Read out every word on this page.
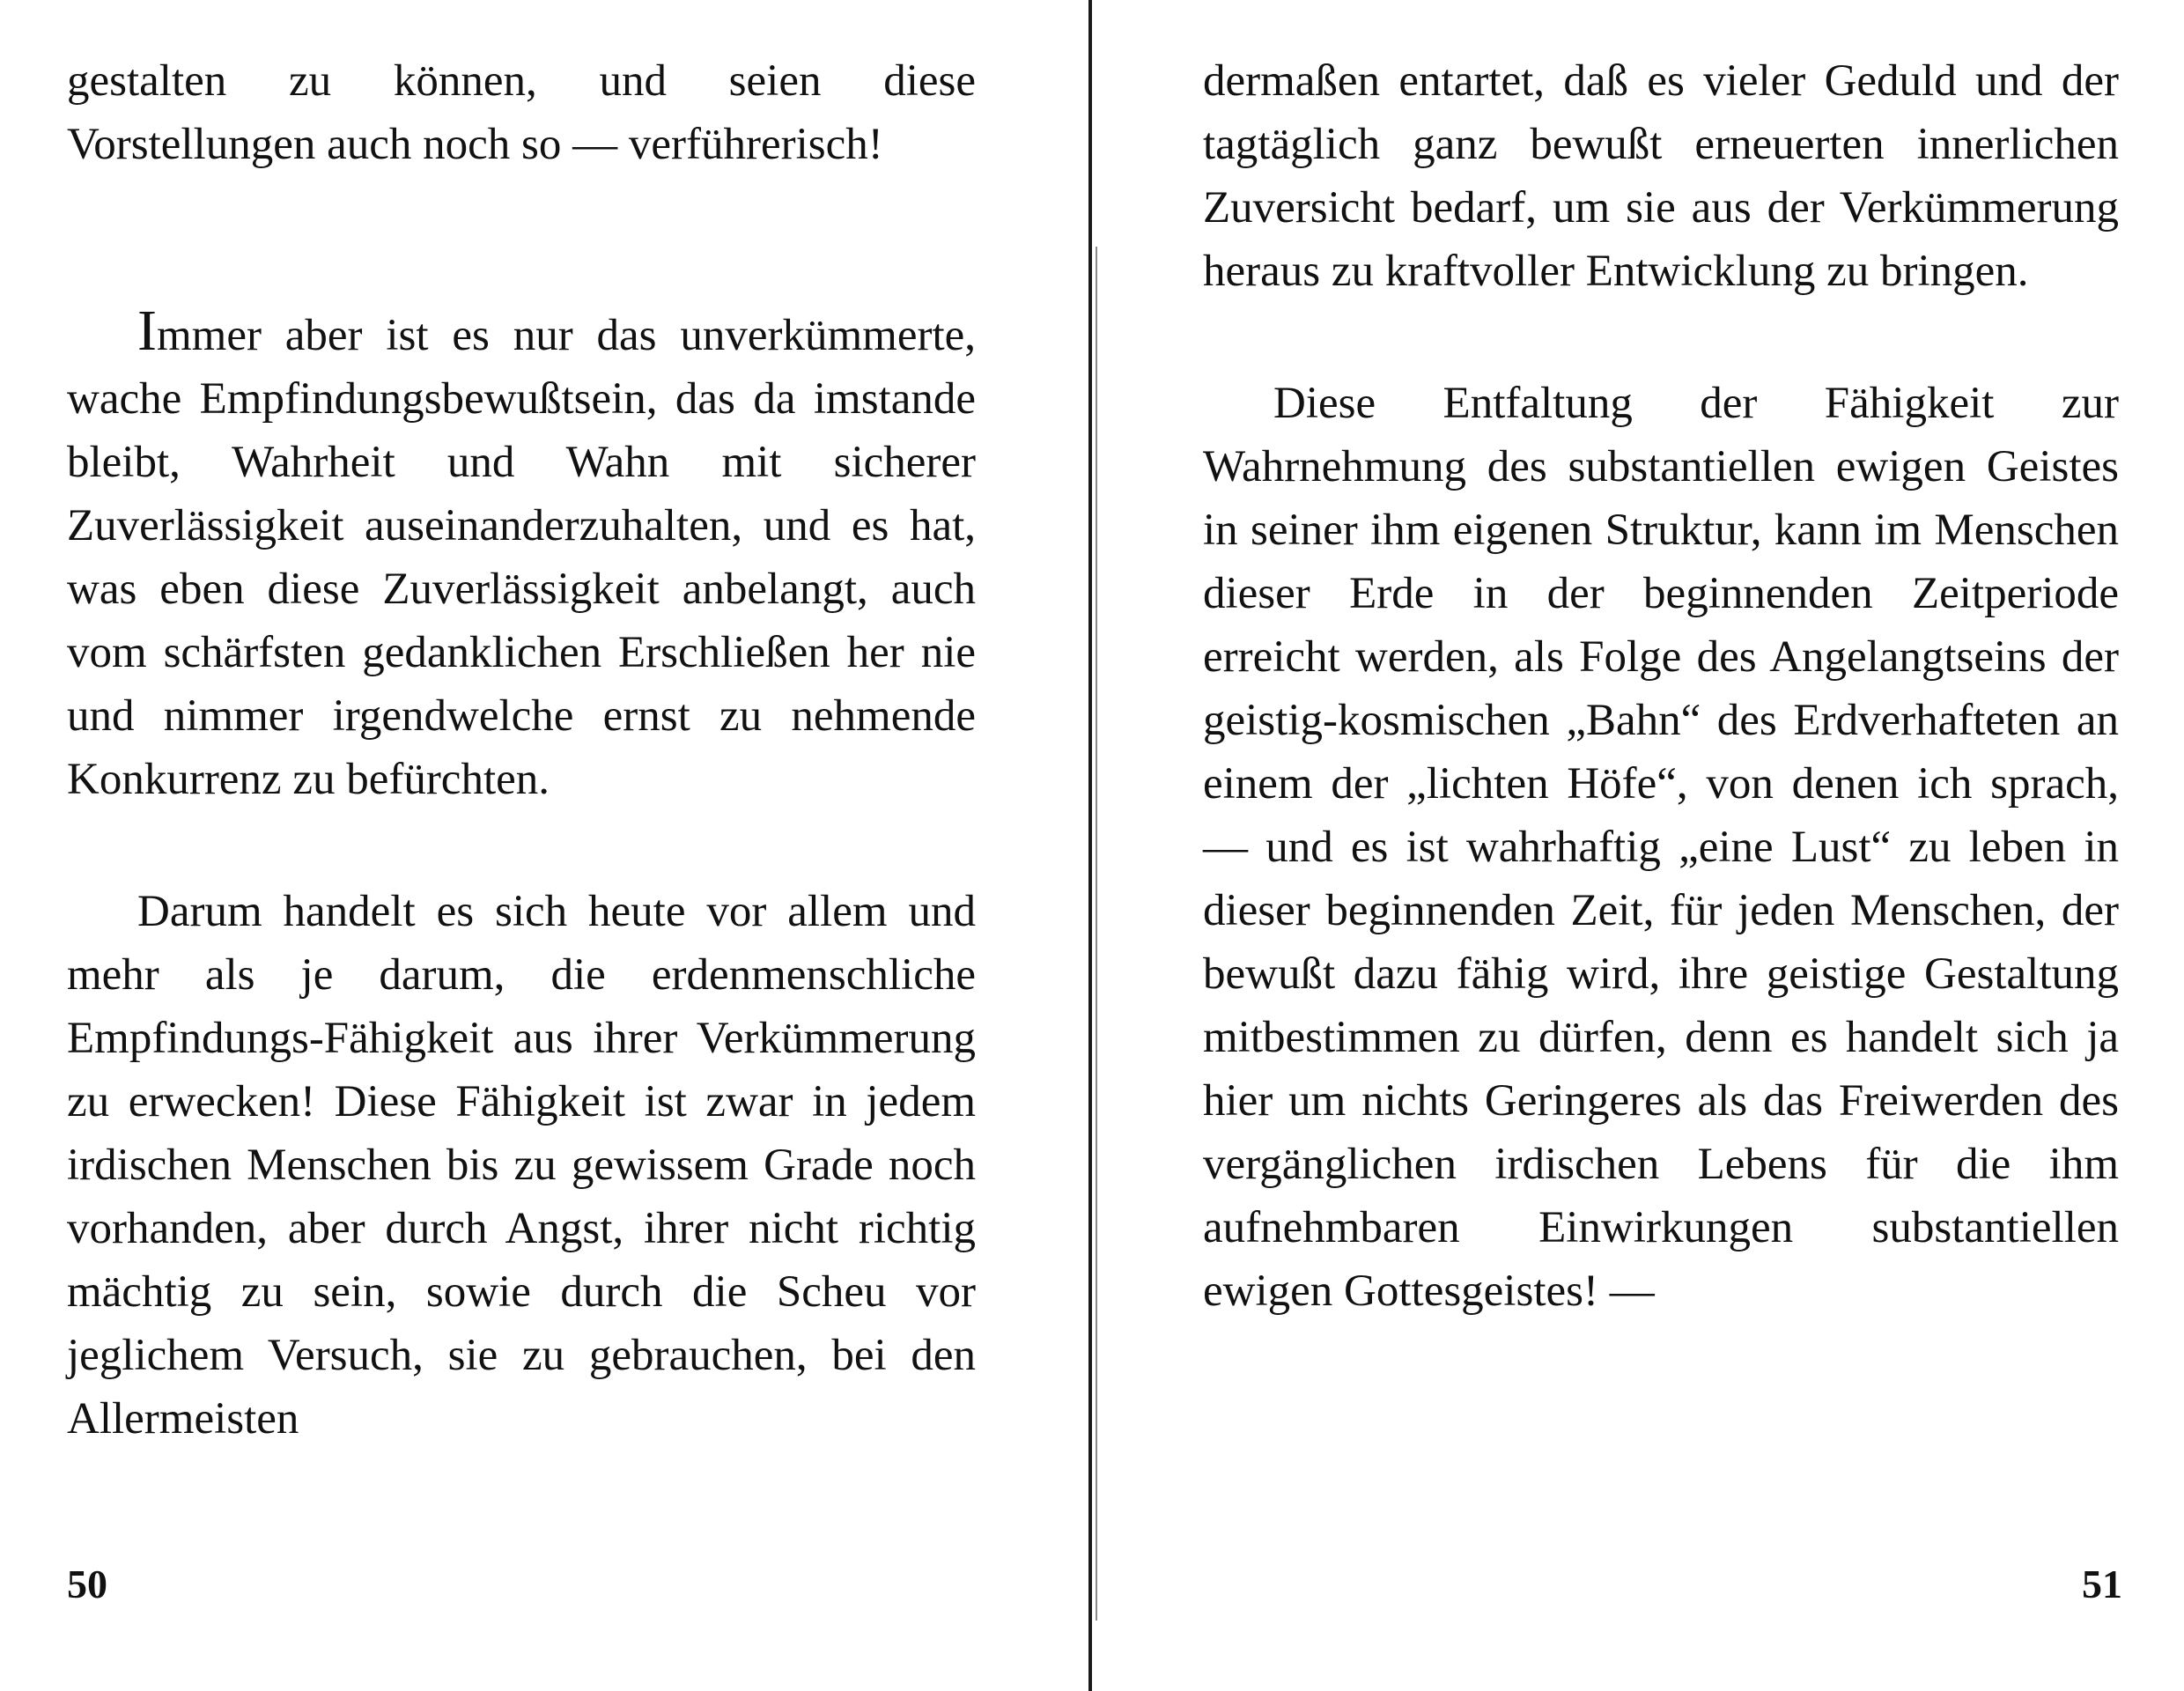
gestalten zu können, und seien diese Vorstellungen auch noch so — verführerisch!

Immer aber ist es nur das unverkümmerte, wache Empfindungsbewußtsein, das da imstande bleibt, Wahrheit und Wahn mit sicherer Zuverlässigkeit auseinanderzuhalten, und es hat, was eben diese Zuverlässigkeit anbelangt, auch vom schärfsten gedanklichen Erschließen her nie und nimmer irgendwelche ernst zu nehmende Konkurrenz zu befürchten.

Darum handelt es sich heute vor allem und mehr als je darum, die erdenmenschliche Empfindungs-Fähigkeit aus ihrer Verkümmerung zu erwecken! Diese Fähigkeit ist zwar in jedem irdischen Menschen bis zu gewissem Grade noch vorhanden, aber durch Angst, ihrer nicht richtig mächtig zu sein, sowie durch die Scheu vor jeglichem Versuch, sie zu gebrauchen, bei den Allermeisten

50

dermaßen entartet, daß es vieler Geduld und der tagtäglich ganz bewußt erneuerten innerlichen Zuversicht bedarf, um sie aus der Verkümmerung heraus zu kraftvoller Entwicklung zu bringen.

Diese Entfaltung der Fähigkeit zur Wahrnehmung des substantiellen ewigen Geistes in seiner ihm eigenen Struktur, kann im Menschen dieser Erde in der beginnenden Zeitperiode erreicht werden, als Folge des Angelangtseins der geistig-kosmischen „Bahn“ des Erdverhafteten an einem der „lichten Höfe“, von denen ich sprach, — und es ist wahrhaftig „eine Lust“ zu leben in dieser beginnenden Zeit, für jeden Menschen, der bewußt dazu fähig wird, ihre geistige Gestaltung mitbestimmen zu dürfen, denn es handelt sich ja hier um nichts Geringeres als das Freiwerden des vergänglichen irdischen Lebens für die ihm aufnehmbaren Einwirkungen substantiellen ewigen Gottesgeistes! —

51
